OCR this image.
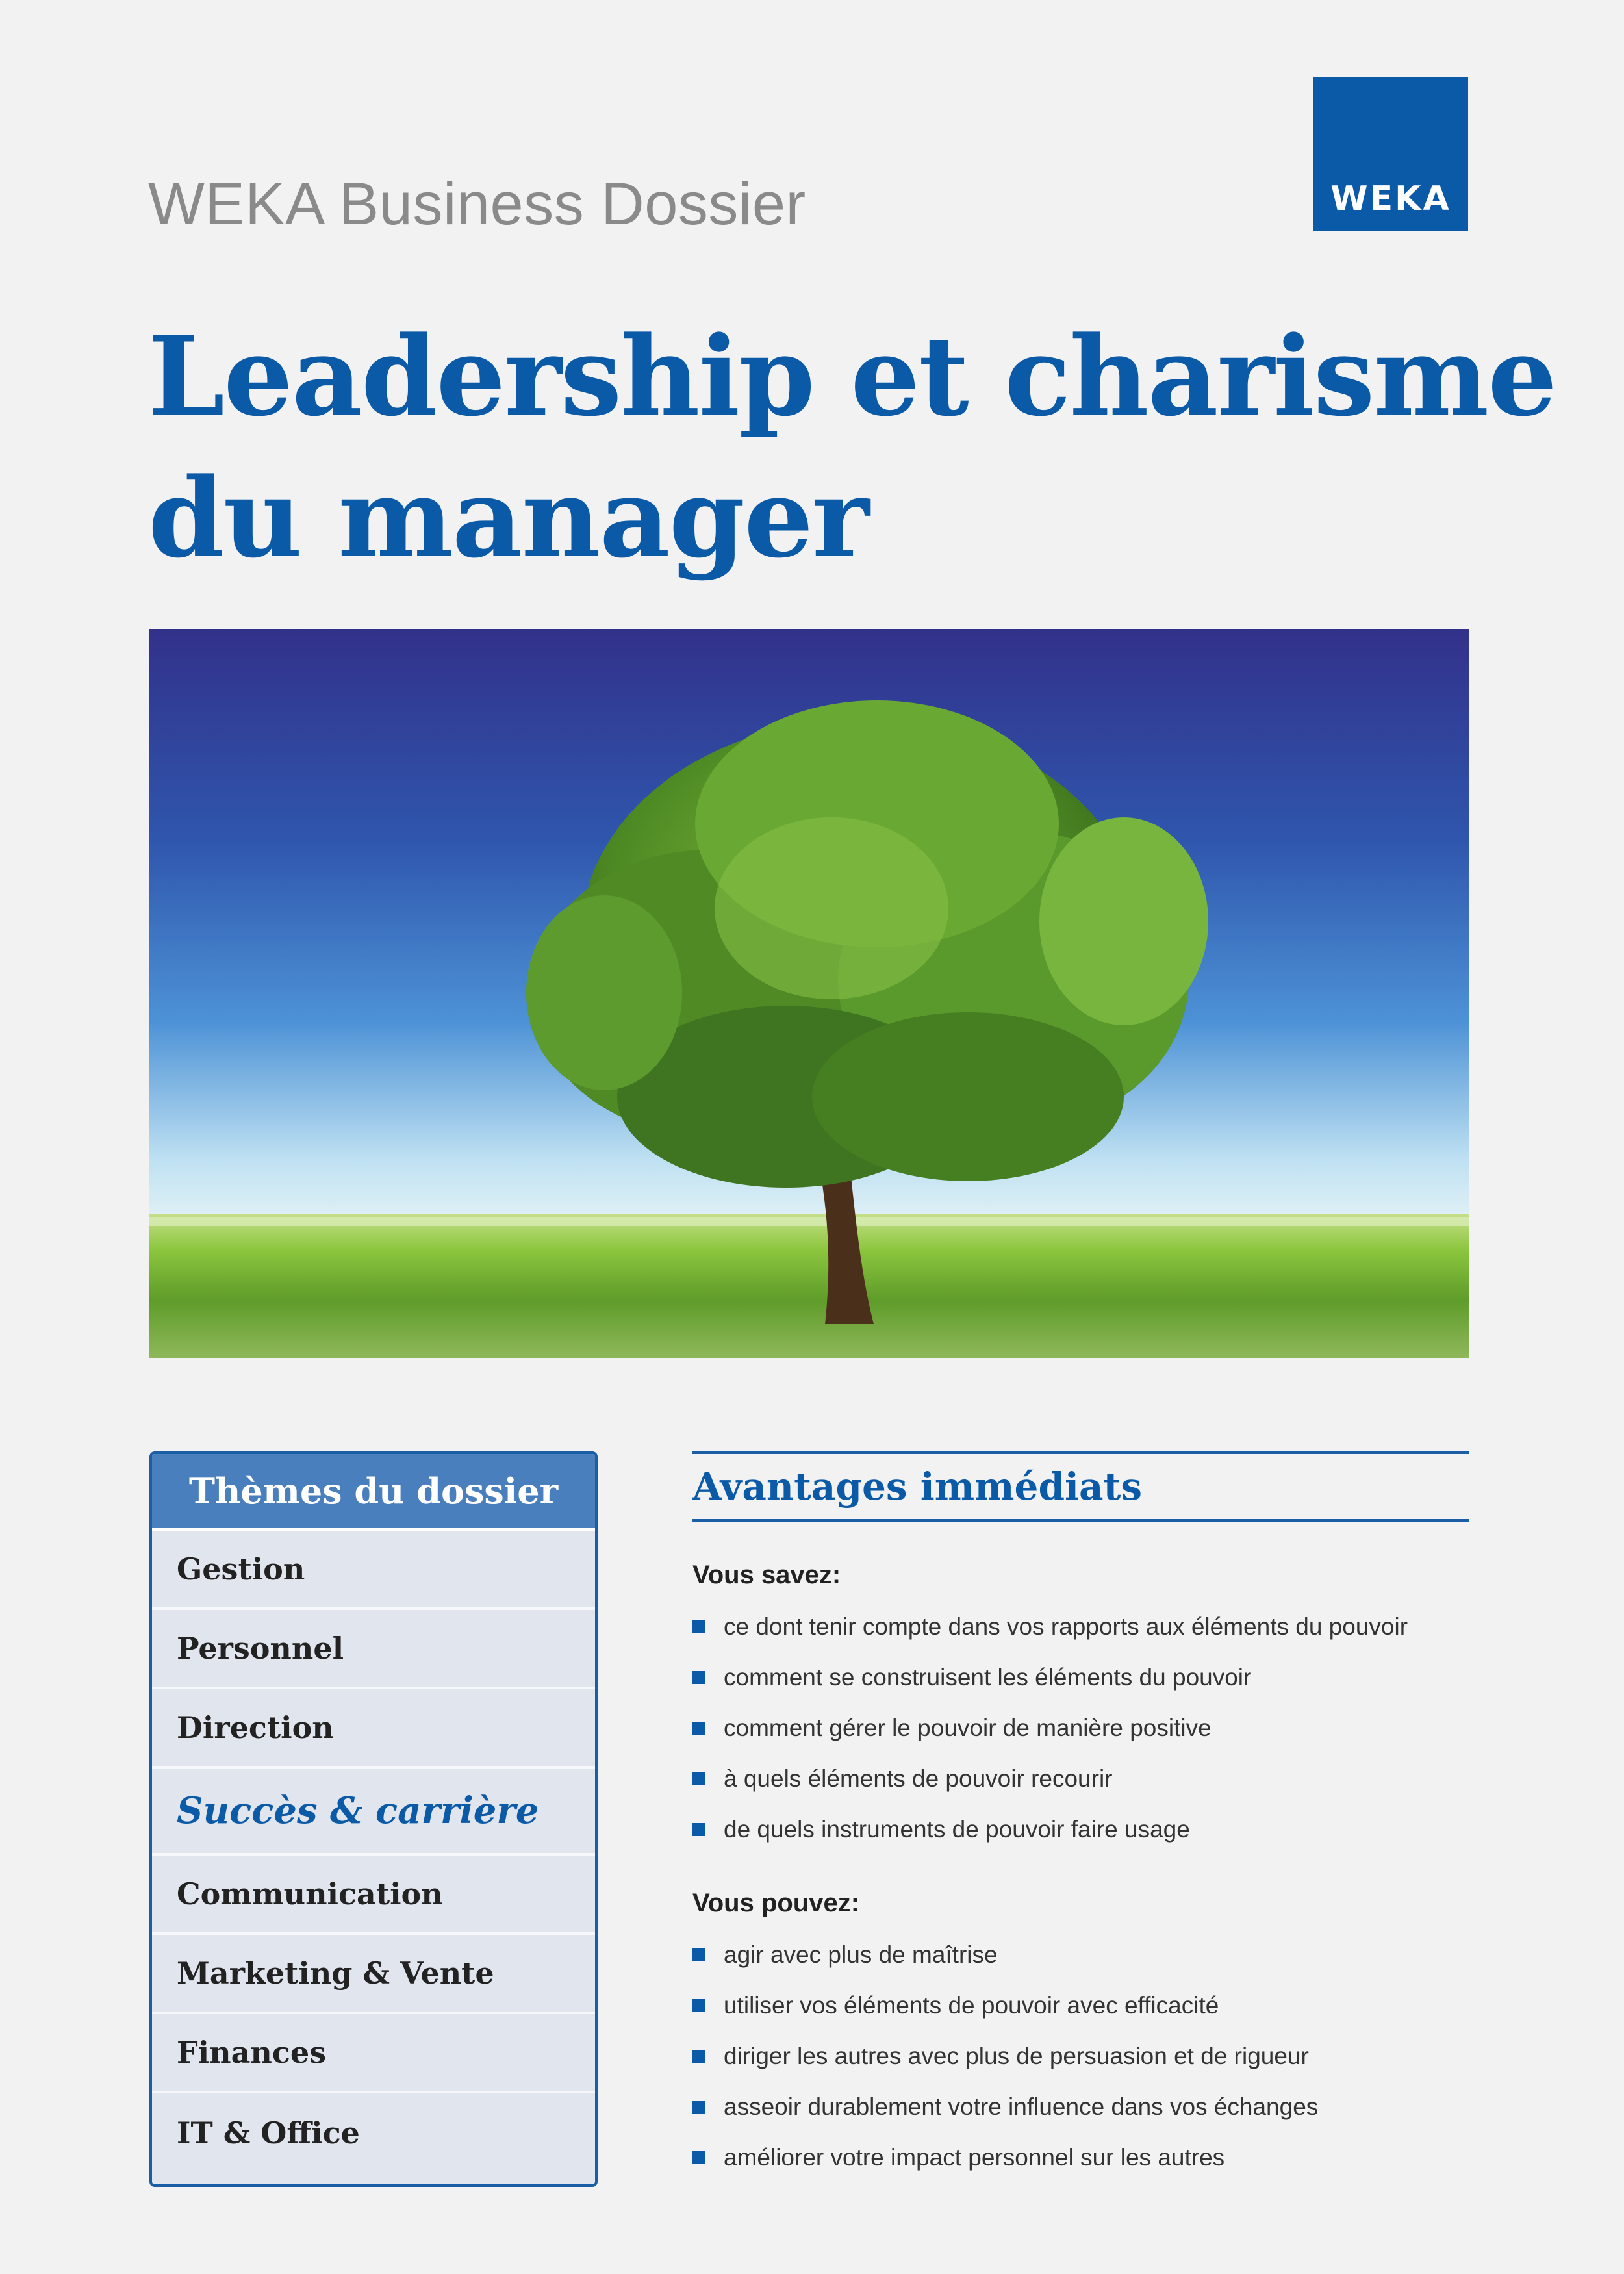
WEKA Business Dossier	WEKA
Leadership et charisme
du manager
Thèmes du dossier
Gestion
Personnel
Direction
Succès & carrière
Communication
Marketing & Vente
Finances
IT & Office
Avantages immédiats
Vous savez:
ce dont tenir compte dans vos rapports aux éléments du pouvoir
comment se construisent les éléments du pouvoir
comment gérer le pouvoir de manière positive
à quels éléments de pouvoir recourir
de quels instruments de pouvoir faire usage
Vous pouvez:
agir avec plus de maîtrise
utiliser vos éléments de pouvoir avec efficacité
diriger les autres avec plus de persuasion et de rigueur
asseoir durablement votre influence dans vos échanges
améliorer votre impact personnel sur les autres
